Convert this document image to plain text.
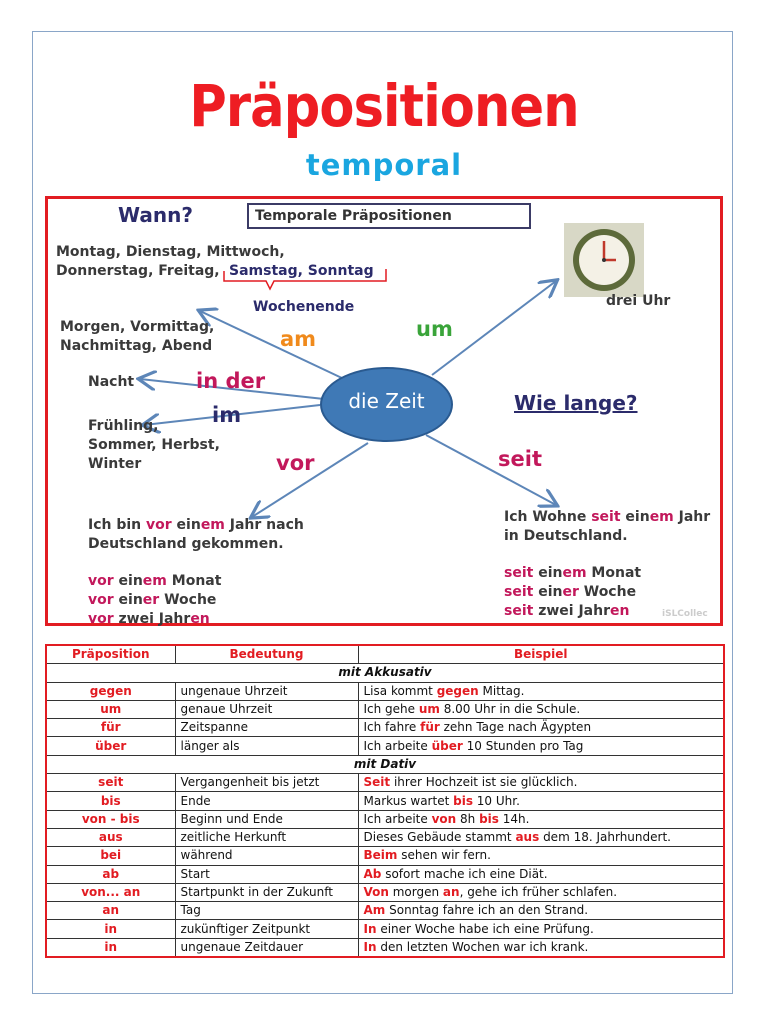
Präpositionen
temporal
Wann?	Temporale Präpositionen
Montag, Dienstag, Mittwoch,
Donnerstag, Freitag, Samstag, Sonntag
Wochenende
Morgen, Vormittag,
Nachmittag, Abend	am	um
Nacht	in der
im
Frühling,
Sommer, Herbst,
Winter
die Zeit	Wie lange?
drei Uhr
vor	seit
Ich bin vor einem Jahr nach
Deutschland gekommen.
vor einem Monat
vor einer Woche
vor zwei Jahren
Ich Wohne seit einem Jahr
in Deutschland.
seit einem Monat
seit einer Woche
seit zwei Jahren	iSLCollec
Präposition	Bedeutung	Beispiel
mit Akkusativ		
gegen	ungenaue Uhrzeit	Lisa kommt gegen Mittag.
um	genaue Uhrzeit	Ich gehe um 8.00 Uhr in die Schule.
für	Zeitspanne	Ich fahre für zehn Tage nach Ägypten
über	länger als	Ich arbeite über 10 Stunden pro Tag
mit Dativ		
seit	Vergangenheit bis jetzt	Seit ihrer Hochzeit ist sie glücklich.
bis	Ende	Markus wartet bis 10 Uhr.
von - bis	Beginn und Ende	Ich arbeite von 8h bis 14h.
aus	zeitliche Herkunft	Dieses Gebäude stammt aus dem 18. Jahrhundert.
bei	während	Beim sehen wir fern.
ab	Start	Ab sofort mache ich eine Diät.
von... an	Startpunkt in der Zukunft	Von morgen an, gehe ich früher schlafen.
an	Tag	Am Sonntag fahre ich an den Strand.
in	zukünftiger Zeitpunkt	In einer Woche habe ich eine Prüfung.
in	ungenaue Zeitdauer	In den letzten Wochen war ich krank.
